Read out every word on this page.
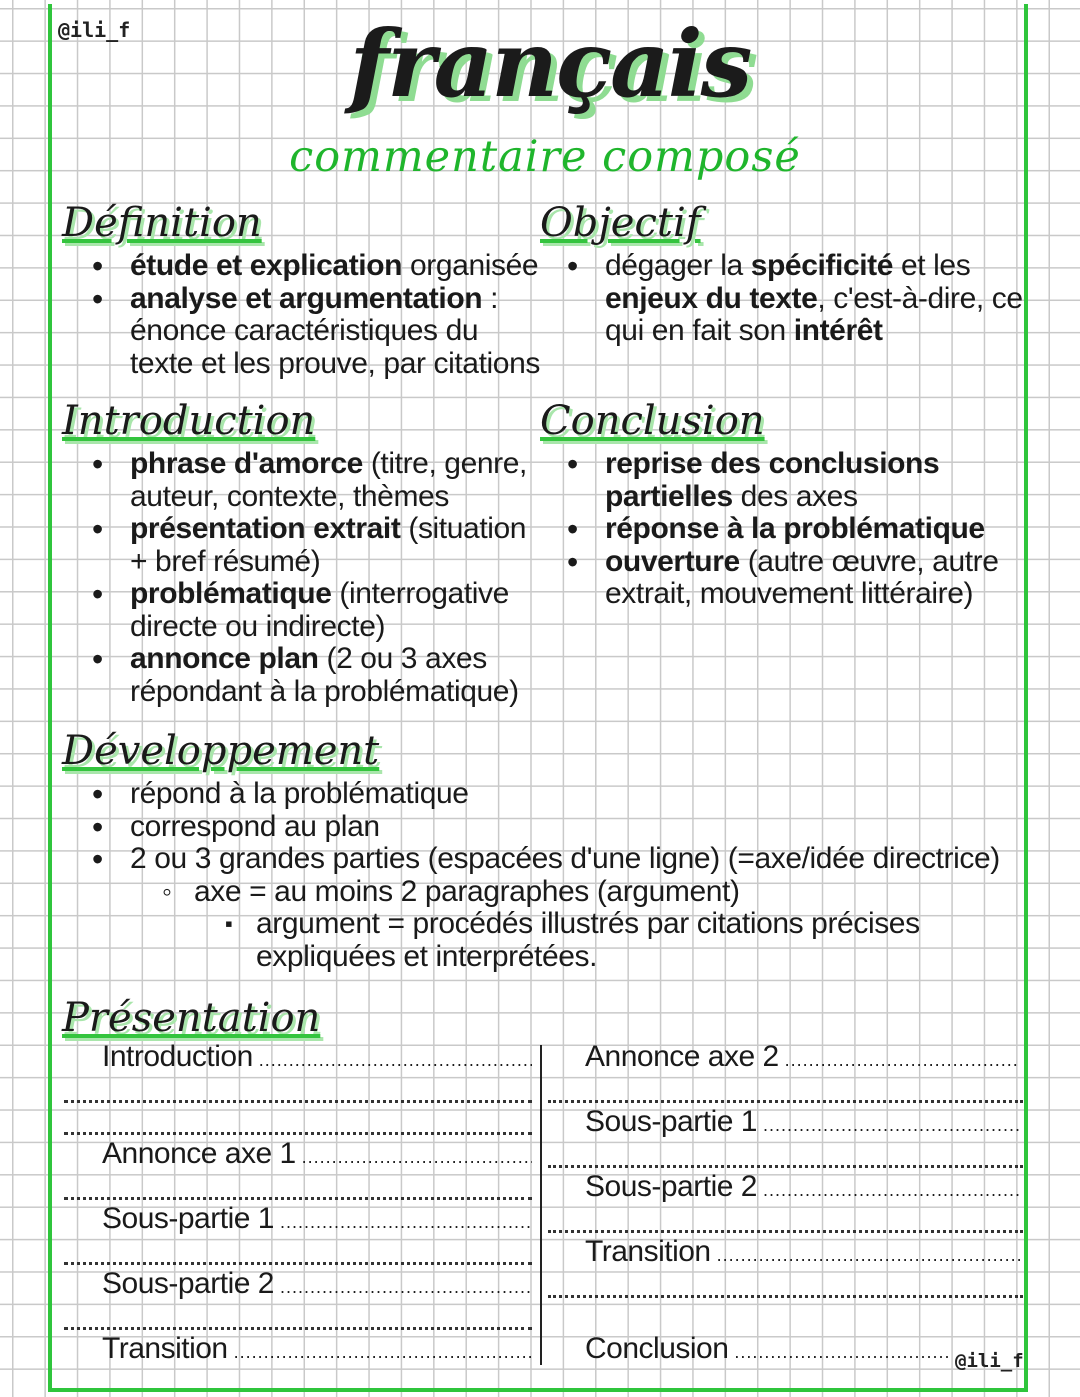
@ili_f français
commentaire composé
Définition
• étude et explication organisée
• analyse et argumentation : énonce caractéristiques du texte et les prouve, par citations
Objectif
• dégager la spécificité et les enjeux du texte, c'est-à-dire, ce qui en fait son intérêt
Introduction
• phrase d'amorce (titre, genre, auteur, contexte, thèmes
• présentation extrait (situation + bref résumé)
• problématique (interrogative directe ou indirecte)
• annonce plan (2 ou 3 axes répondant à la problématique)
Conclusion
• reprise des conclusions partielles des axes
• réponse à la problématique
• ouverture (autre œuvre, autre extrait, mouvement littéraire)
Développement
• répond à la problématique
• correspond au plan
• 2 ou 3 grandes parties (espacées d'une ligne) (=axe/idée directrice)
◦ axe = au moins 2 paragraphes (argument)
▪ argument = procédés illustrés par citations précises expliquées et interprétées.
Présentation
Introduction .....
Annonce axe 1 .....
Sous-partie 1 .....
Sous-partie 2 .....
Transition .....
Annonce axe 2 .....
Sous-partie 1 .....
Sous-partie 2 .....
Transition .....
Conclusion .....	@ili_f
